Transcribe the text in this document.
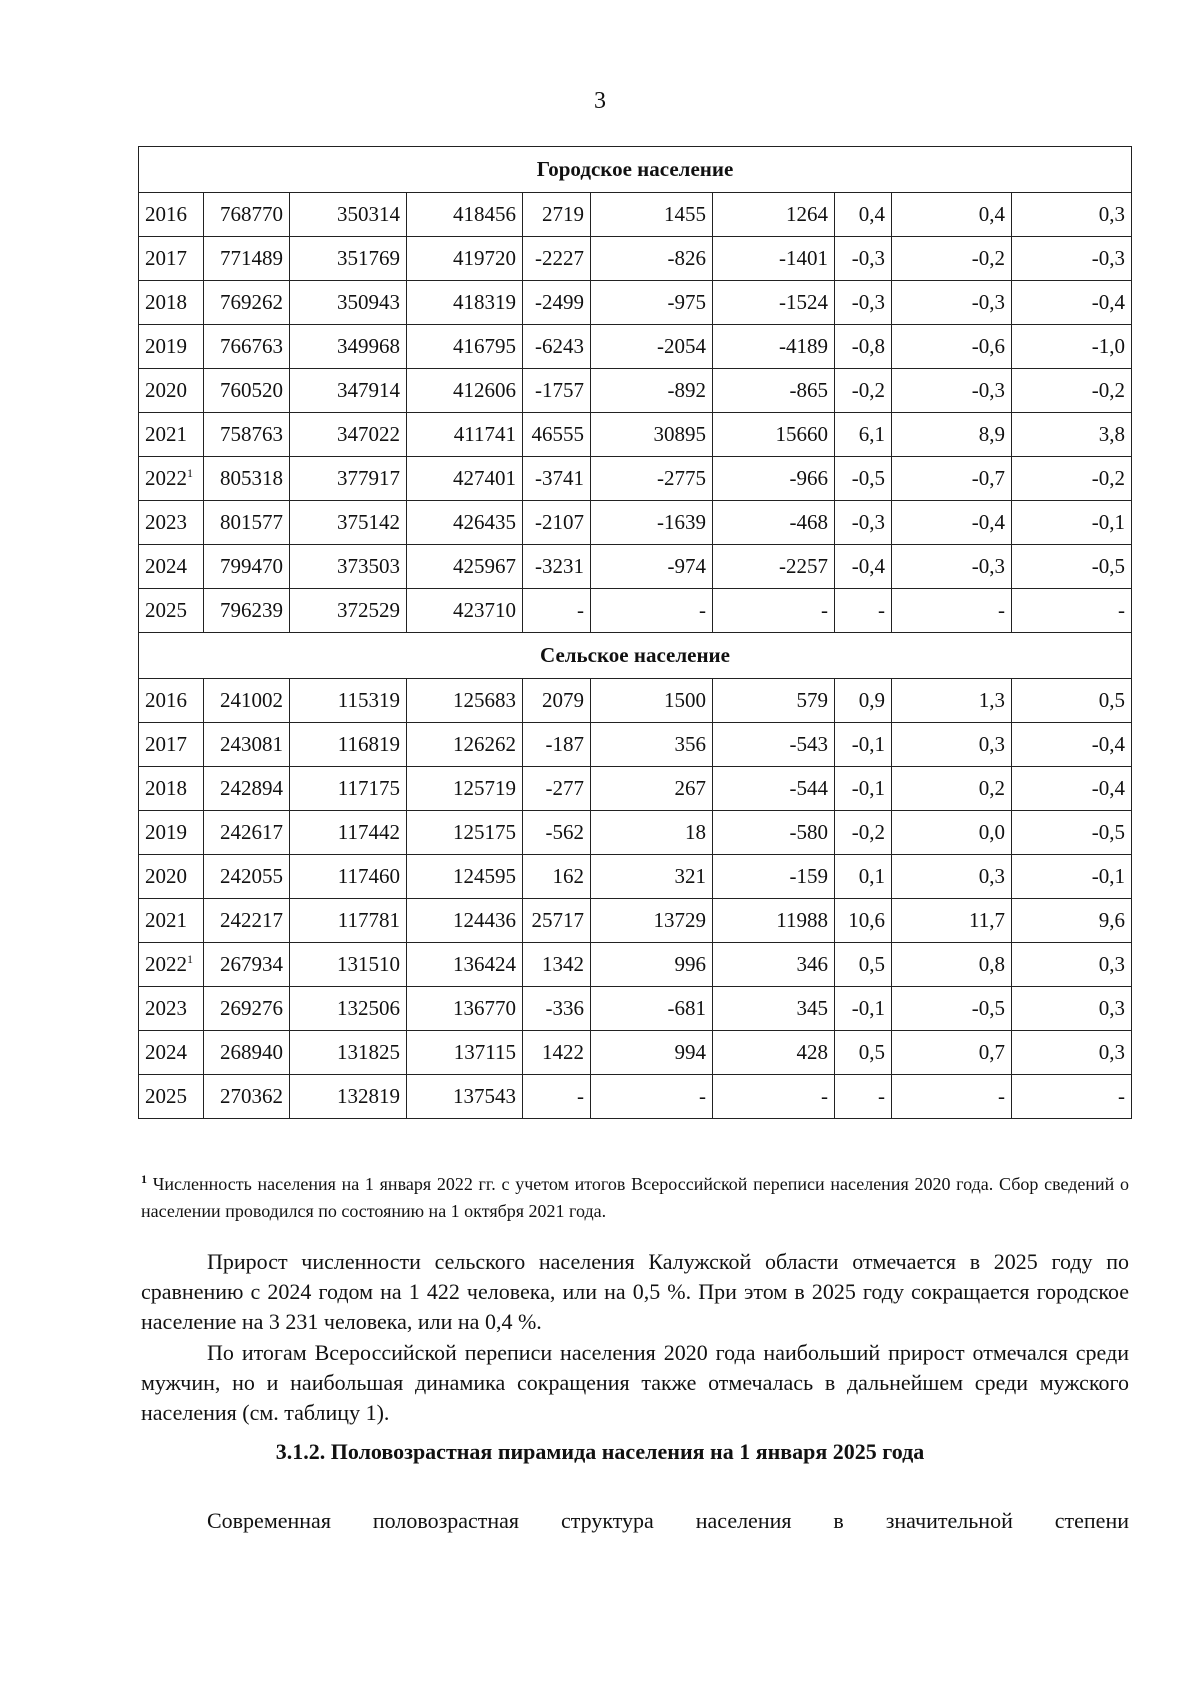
3
Городское население									
2016	768770	350314	418456	2719	1455	1264	0,4	0,4	0,3
2017	771489	351769	419720	-2227	-826	-1401	-0,3	-0,2	-0,3
2018	769262	350943	418319	-2499	-975	-1524	-0,3	-0,3	-0,4
2019	766763	349968	416795	-6243	-2054	-4189	-0,8	-0,6	-1,0
2020	760520	347914	412606	-1757	-892	-865	-0,2	-0,3	-0,2
2021	758763	347022	411741	46555	30895	15660	6,1	8,9	3,8
2022$^1$	805318	377917	427401	-3741	-2775	-966	-0,5	-0,7	-0,2
2023	801577	375142	426435	-2107	-1639	-468	-0,3	-0,4	-0,1
2024	799470	373503	425967	-3231	-974	-2257	-0,4	-0,3	-0,5
2025	796239	372529	423710	-	-	-	-	-	-
Сельское население									
2016	241002	115319	125683	2079	1500	579	0,9	1,3	0,5
2017	243081	116819	126262	-187	356	-543	-0,1	0,3	-0,4
2018	242894	117175	125719	-277	267	-544	-0,1	0,2	-0,4
2019	242617	117442	125175	-562	18	-580	-0,2	0,0	-0,5
2020	242055	117460	124595	162	321	-159	0,1	0,3	-0,1
2021	242217	117781	124436	25717	13729	11988	10,6	11,7	9,6
2022$^1$	267934	131510	136424	1342	996	346	0,5	0,8	0,3
2023	269276	132506	136770	-336	-681	345	-0,1	-0,5	0,3
2024	268940	131825	137115	1422	994	428	0,5	0,7	0,3
2025	270362	132819	137543	-	-	-	-	-	-
$^1$ Численность населения на 1 января 2022 гг. с учетом итогов Всероссийской переписи населения 2020 года. Сбор сведений о населении проводился по состоянию на 1 октября 2021 года.
Прирост численности сельского населения Калужской области отмечается в 2025 году по сравнению с 2024 годом на 1 422 человека, или на 0,5 %. При этом в 2025 году сокращается городское население на 3 231 человека, или на 0,4 %.
По итогам Всероссийской переписи населения 2020 года наибольший прирост отмечался среди мужчин, но и наибольшая динамика сокращения также отмечалась в дальнейшем среди мужского населения (см. таблицу 1).
3.1.2. Половозрастная пирамида населения на 1 января 2025 года
Современная половозрастная структура населения в значительной степени
